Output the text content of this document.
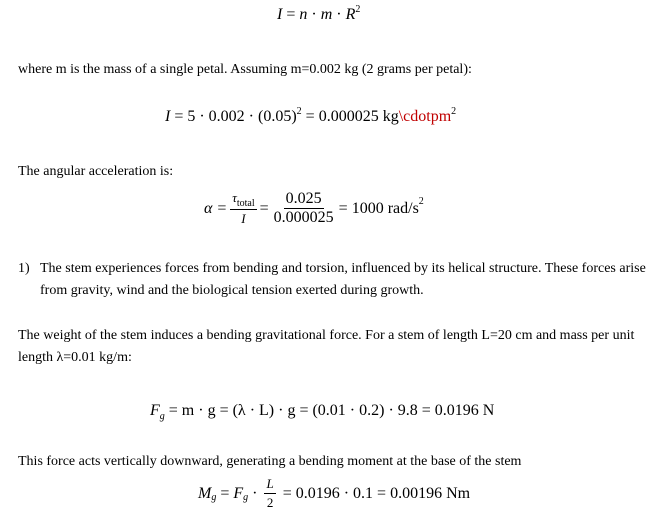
$I = n \cdot m \cdot R^2$
where m is the mass of a single petal. Assuming m=0.002 kg (2 grams per petal):
$I = 5 \cdot 0.002 \cdot (0.05)^2 = 0.000025$ kg\cdotpm$^2$
The angular acceleration is:
$\alpha = \frac{\tau_{total}}{I} = \frac{0.025}{0.000025} = 1000$ rad/s 2
1) The stem experiences forces from bending and torsion, influenced by its helical structure. These forces arise from gravity, wind and the biological tension exerted during growth.
The weight of the stem induces a bending gravitational force. For a stem of length L=20 cm and mass per unit length λ=0.01 kg/m:
$F_g = m \cdot g = (\lambda \cdot L) \cdot g = (0.01 \cdot 0.2) \cdot 9.8 = 0.0196$ N
This force acts vertically downward, generating a bending moment at the base of the stem
M g = F $g \cdot \frac{L}{2} = 0.0196 \cdot 0.1 = 0.00196$ Nm
